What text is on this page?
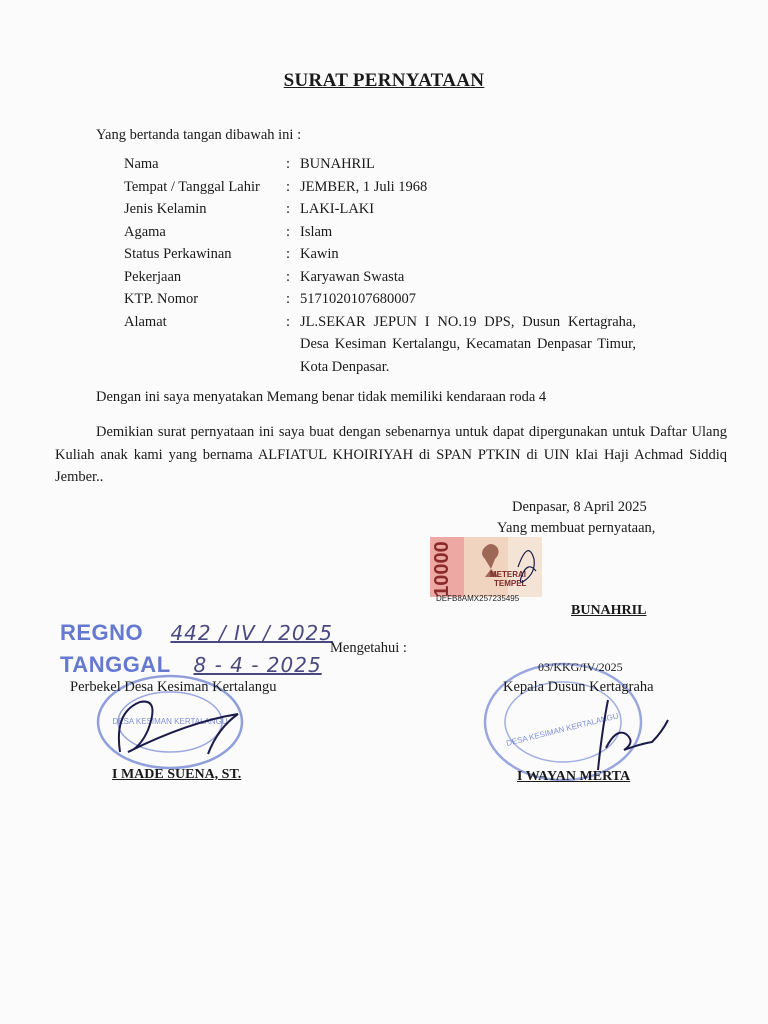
SURAT PERNYATAAN
Yang bertanda tangan dibawah ini :
Nama	: BUNAHRIL
Tempat / Tanggal Lahir	: JEMBER, 1 Juli 1968
Jenis Kelamin	: LAKI-LAKI
Agama	: Islam
Status Perkawinan	: Kawin
Pekerjaan	: Karyawan Swasta
KTP. Nomor	: 5171020107680007
Alamat	: JL.SEKAR JEPUN I NO.19 DPS, Dusun Kertagraha, Desa Kesiman Kertalangu, Kecamatan Denpasar Timur, Kota Denpasar.
Dengan ini saya menyatakan Memang benar tidak memiliki kendaraan roda 4
Demikian surat pernyataan ini saya buat dengan sebenarnya untuk dapat dipergunakan untuk Daftar Ulang Kuliah anak kami yang bernama ALFIATUL KHOIRIYAH di SPAN PTKIN di UIN kIai Haji Achmad Siddiq Jember..
Denpasar, 8 April 2025
Yang membuat pernyataan,
10000	METERAI
TEMPEL
DEFB8AMX257235495
BUNAHRIL
REGNO 442 / IV / 2025
TANGGAL 8 - 4 - 2025
Mengetahui :
DESA KESIMAN KERTALANGU
Perbekel Desa Kesiman Kertalangu
I MADE SUENA, ST.
DESA KESIMAN KERTALANGU
03/KKG/IV/2025
Kepala Dusun Kertagraha
I WAYAN MERTA
